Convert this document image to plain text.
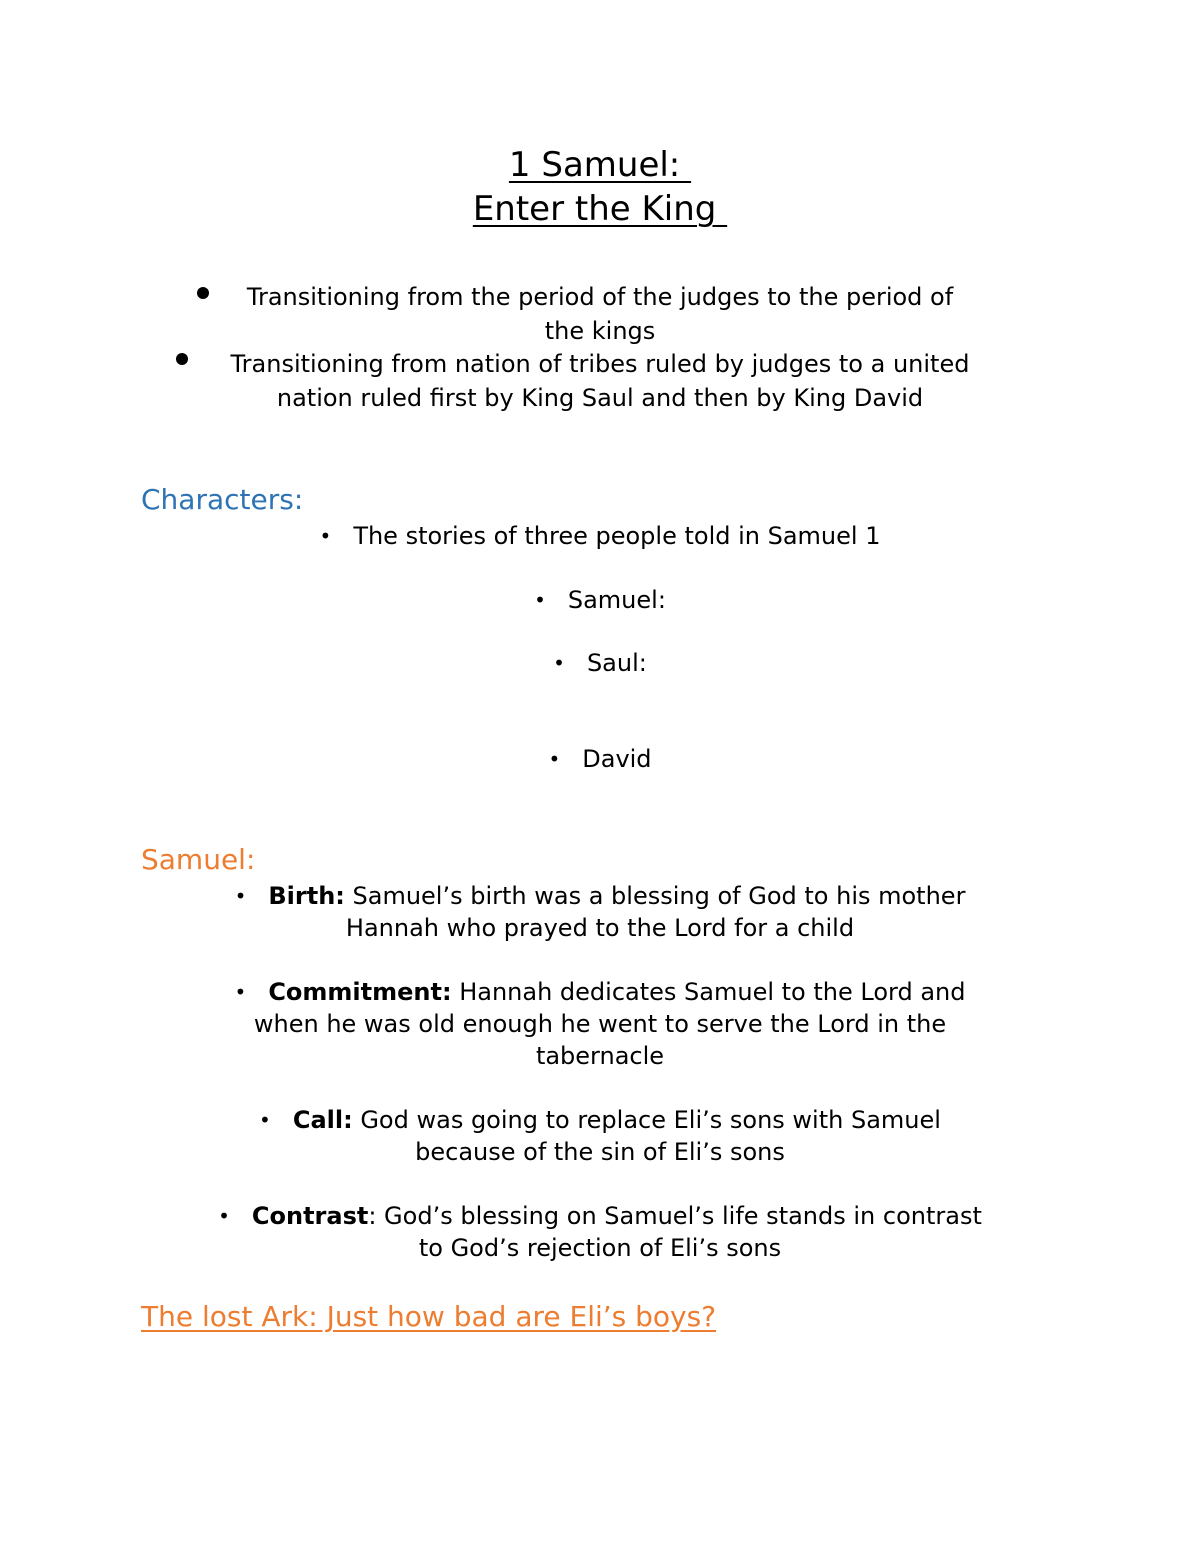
1 Samuel:
Enter the King
Transitioning from the period of the judges to the period of
the kings
Transitioning from nation of tribes ruled by judges to a united
nation ruled first by King Saul and then by King David
Characters:
• The stories of three people told in Samuel 1
• Samuel:
• Saul:
• David
Samuel:
• Birth: Samuel’s birth was a blessing of God to his mother
Hannah who prayed to the Lord for a child
• Commitment: Hannah dedicates Samuel to the Lord and
when he was old enough he went to serve the Lord in the
tabernacle
• Call: God was going to replace Eli’s sons with Samuel
because of the sin of Eli’s sons
• Contrast: God’s blessing on Samuel’s life stands in contrast
to God’s rejection of Eli’s sons
The lost Ark: Just how bad are Eli’s boys?
